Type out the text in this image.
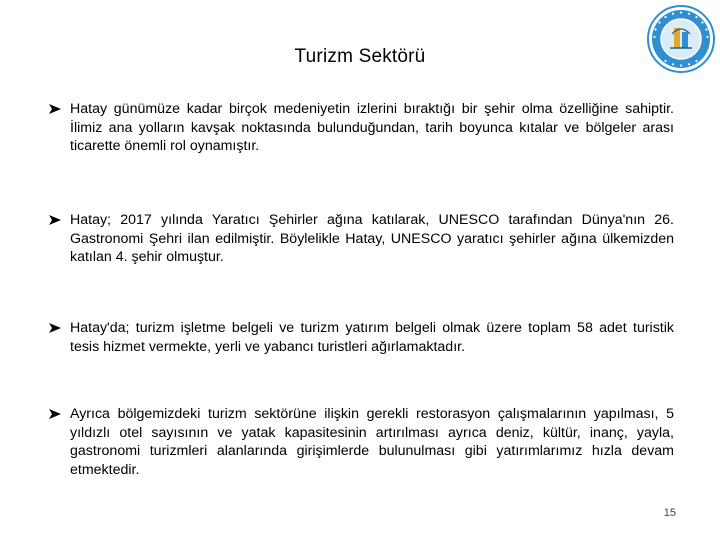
Turizm Sektörü
Hatay günümüze kadar birçok medeniyetin izlerini bıraktığı bir şehir olma özelliğine sahiptir. İlimiz ana yolların kavşak noktasında bulunduğundan, tarih boyunca kıtalar ve bölgeler arası ticarette önemli rol oynamıştır.
Hatay; 2017 yılında Yaratıcı Şehirler ağına katılarak, UNESCO tarafından Dünya'nın 26. Gastronomi Şehri ilan edilmiştir. Böylelikle Hatay, UNESCO yaratıcı şehirler ağına ülkemizden katılan 4. şehir olmuştur.
Hatay'da; turizm işletme belgeli ve turizm yatırım belgeli olmak üzere toplam 58 adet turistik tesis hizmet vermekte, yerli ve yabancı turistleri ağırlamaktadır.
Ayrıca bölgemizdeki turizm sektörüne ilişkin gerekli restorasyon çalışmalarının yapılması, 5 yıldızlı otel sayısının ve yatak kapasitesinin artırılması ayrıca deniz, kültür, inanç, yayla, gastronomi turizmleri alanlarında girişimlerde bulunulması gibi yatırımlarımız hızla devam etmektedir.
15
